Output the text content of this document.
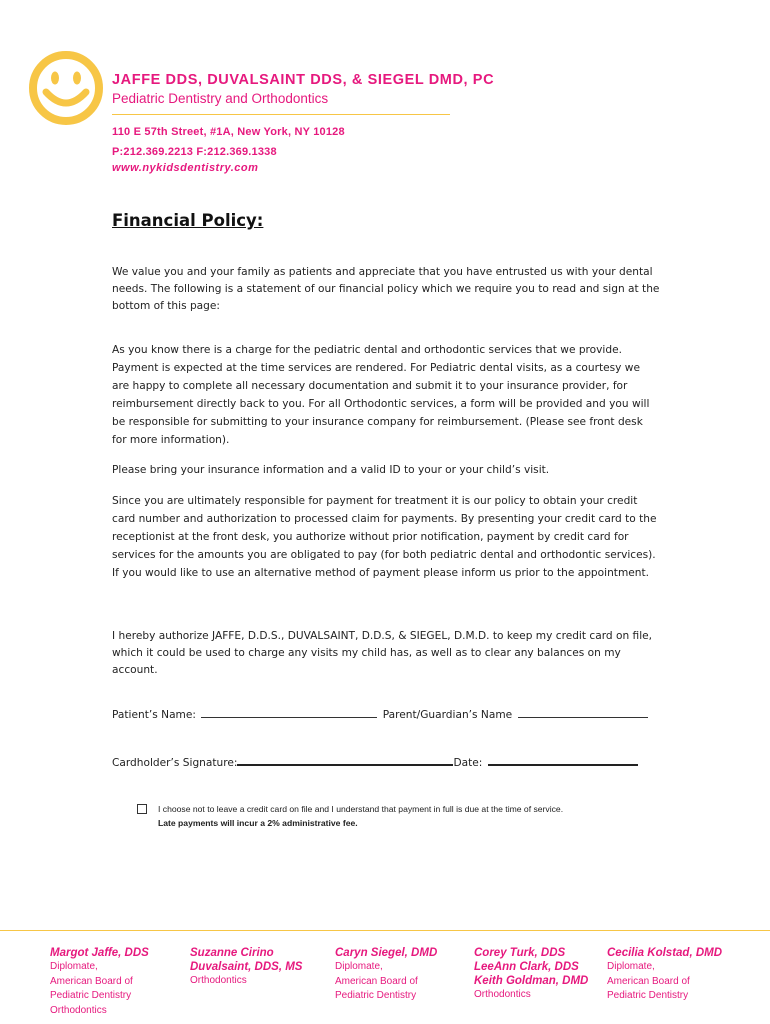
JAFFE DDS, DUVALSAINT DDS, & SIEGEL DMD, PC
Pediatric Dentistry and Orthodontics
110 E 57th Street, #1A, New York, NY 10128
P:212.369.2213 F:212.369.1338
www.nykidsdentistry.com
Financial Policy:
We value you and your family as patients and appreciate that you have entrusted us with your dental needs. The following is a statement of our financial policy which we require you to read and sign at the bottom of this page:
As you know there is a charge for the pediatric dental and orthodontic services that we provide. Payment is expected at the time services are rendered. For Pediatric dental visits, as a courtesy we are happy to complete all necessary documentation and submit it to your insurance provider, for reimbursement directly back to you. For all Orthodontic services, a form will be provided and you will be responsible for submitting to your insurance company for reimbursement. (Please see front desk for more information).
Please bring your insurance information and a valid ID to your or your child’s visit.
Since you are ultimately responsible for payment for treatment it is our policy to obtain your credit card number and authorization to processed claim for payments. By presenting your credit card to the receptionist at the front desk, you authorize without prior notification, payment by credit card for services for the amounts you are obligated to pay (for both pediatric dental and orthodontic services). If you would like to use an alternative method of payment please inform us prior to the appointment.
I hereby authorize JAFFE, D.D.S., DUVALSAINT, D.D.S, & SIEGEL, D.M.D. to keep my credit card on file, which it could be used to charge any visits my child has, as well as to clear any balances on my account.
Patient’s Name:	Parent/Guardian’s Name
Cardholder’s Signature:	Date:
I choose not to leave a credit card on file and I understand that payment in full is due at the time of service.
Late payments will incur a 2% administrative fee.
Margot Jaffe, DDS
Diplomate,
American Board of
Pediatric Dentistry
Orthodontics
Suzanne Cirino
Duvalsaint, DDS, MS
Orthodontics
Caryn Siegel, DMD
Diplomate,
American Board of
Pediatric Dentistry
Corey Turk, DDS
LeeAnn Clark, DDS
Keith Goldman, DMD
Orthodontics
Cecilia Kolstad, DMD
Diplomate,
American Board of
Pediatric Dentistry
